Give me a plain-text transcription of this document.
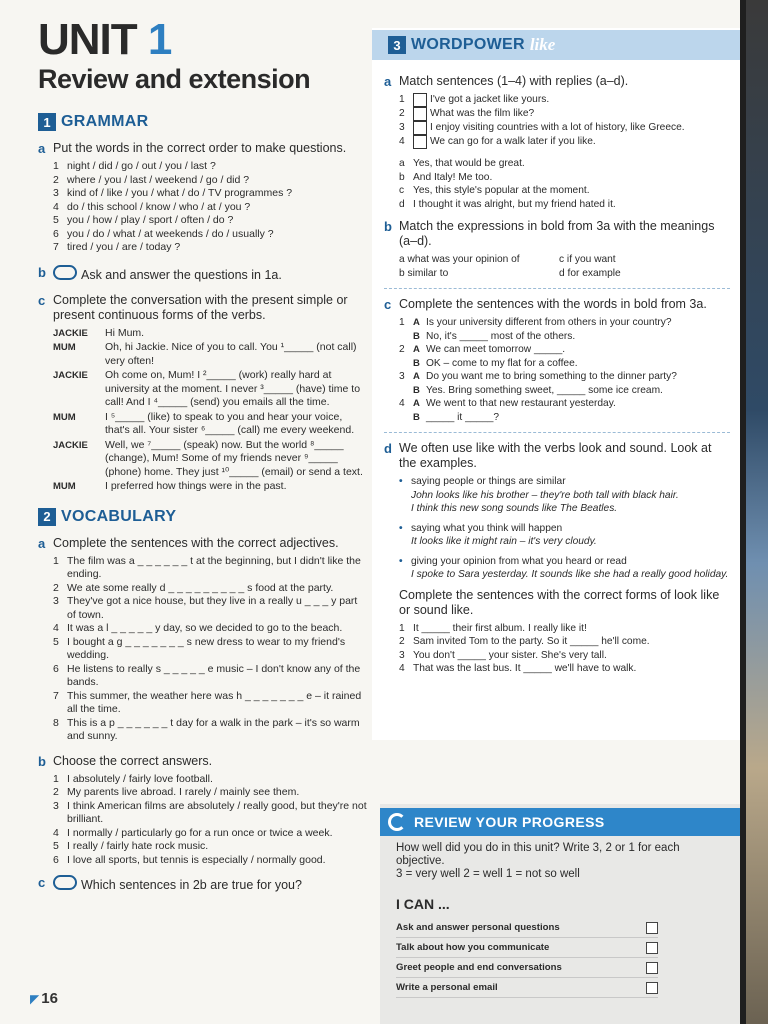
UNIT 1
Review and extension
1 GRAMMAR
a Put the words in the correct order to make questions.
1 night / did / go / out / you / last ?
2 where / you / last / weekend / go / did ?
3 kind of / like / you / what / do / TV programmes ?
4 do / this school / know / who / at / you ?
5 you / how / play / sport / often / do ?
6 you / do / what / at weekends / do / usually ?
7 tired / you / are / today ?
b	Ask and answer the questions in 1a.
c Complete the conversation with the present simple or present continuous forms of the verbs.
JACKIE	Hi Mum.
MUM	Oh, hi Jackie. Nice of you to call. You ¹_____ (not call) very often!
JACKIE	Oh come on, Mum! I ²_____ (work) really hard at university at the moment. I never ³_____ (have) time to call! And I ⁴_____ (send) you emails all the time.
MUM	I ⁵_____ (like) to speak to you and hear your voice, that's all. Your sister ⁶_____ (call) me every weekend.
JACKIE	Well, we ⁷_____ (speak) now. But the world ⁸_____ (change), Mum! Some of my friends never ⁹_____ (phone) home. They just ¹⁰_____ (email) or send a text.
MUM	I preferred how things were in the past.
2 VOCABULARY
a Complete the sentences with the correct adjectives.
1 The film was a _ _ _ _ _ _ t at the beginning, but I didn't like the ending.
2 We ate some really d _ _ _ _ _ _ _ _ _ s food at the party.
3 They've got a nice house, but they live in a really u _ _ _ y part of town.
4 It was a l _ _ _ _ _ y day, so we decided to go to the beach.
5 I bought a g _ _ _ _ _ _ _ s new dress to wear to my friend's wedding.
6 He listens to really s _ _ _ _ _ e music – I don't know any of the bands.
7 This summer, the weather here was h _ _ _ _ _ _ _ e – it rained all the time.
8 This is a p _ _ _ _ _ _ t day for a walk in the park – it's so warm and sunny.
b Choose the correct answers.
1 I absolutely / fairly love football.
2 My parents live abroad. I rarely / mainly see them.
3 I think American films are absolutely / really good, but they're not brilliant.
4 I normally / particularly go for a run once or twice a week.
5 I really / fairly hate rock music.
6 I love all sports, but tennis is especially / normally good.
c	Which sentences in 2b are true for you?
3 WORDPOWER like
a Match sentences (1–4) with replies (a–d).
1	I've got a jacket like yours.
2	What was the film like?
3	I enjoy visiting countries with a lot of history, like Greece.
4	We can go for a walk later if you like.
a Yes, that would be great.
b And Italy! Me too.
c Yes, this style's popular at the moment.
d I thought it was alright, but my friend hated it.
b Match the expressions in bold from 3a with the meanings (a–d).
a what was your opinion of	c if you want
b similar to	d for example
c Complete the sentences with the words in bold from 3a.
1 A Is your university different from others in your country?
B No, it's _____ most of the others.
2 A We can meet tomorrow _____.
B OK – come to my flat for a coffee.
3 A Do you want me to bring something to the dinner party?
B Yes. Bring something sweet, _____ some ice cream.
4 A We went to that new restaurant yesterday.
B _____ it _____?
d We often use like with the verbs look and sound. Look at the examples.
• saying people or things are similar
John looks like his brother – they're both tall with black hair.
I think this new song sounds like The Beatles.
• saying what you think will happen
It looks like it might rain – it's very cloudy.
• giving your opinion from what you heard or read
I spoke to Sara yesterday. It sounds like she had a really good holiday.
Complete the sentences with the correct forms of look like or sound like.
1 It _____ their first album. I really like it!
2 Sam invited Tom to the party. So it _____ he'll come.
3 You don't _____ your sister. She's very tall.
4 That was the last bus. It _____ we'll have to walk.
REVIEW YOUR PROGRESS
How well did you do in this unit? Write 3, 2 or 1 for each objective.
3 = very well 2 = well 1 = not so well
I CAN ...
Ask and answer personal questions
Talk about how you communicate
Greet people and end conversations
Write a personal email
◤ 16
